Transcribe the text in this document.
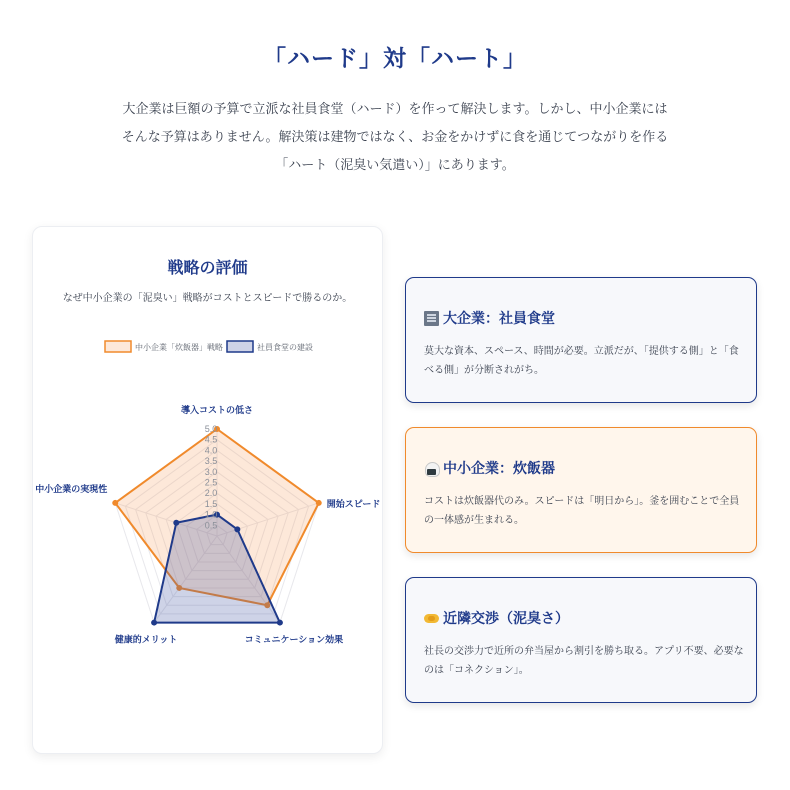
「ハード」対「ハート」

大企業は巨額の予算で立派な社員食堂（ハード）を作って解決します。しかし、中小企業には
そんな予算はありません。解決策は建物ではなく、お金をかけずに食を通じてつながりを作る
「ハート（泥臭い気遣い）」にあります。

戦略の評価

なぜ中小企業の「泥臭い」戦略がコストとスピードで勝るのか。

0.5
1.0
1.5
2.0
2.5
3.0
3.5
4.0
4.5
5.0
導入コストの低さ
開始スピード
コミュニケーション効果
健康的メリット
中小企業の実現性
中小企業「炊飯器」戦略	社員食堂の建設
大企業：社員食堂

莫大な資本、スペース、時間が必要。立派だが、「提供する側」と「食べる側」が分断されがち。

中小企業：炊飯器

コストは炊飯器代のみ。スピードは「明日から」。釜を囲むことで全員の一体感が生まれる。

近隣交渉（泥臭さ）

社長の交渉力で近所の弁当屋から割引を勝ち取る。アプリ不要、必要なのは「コネクション」。
